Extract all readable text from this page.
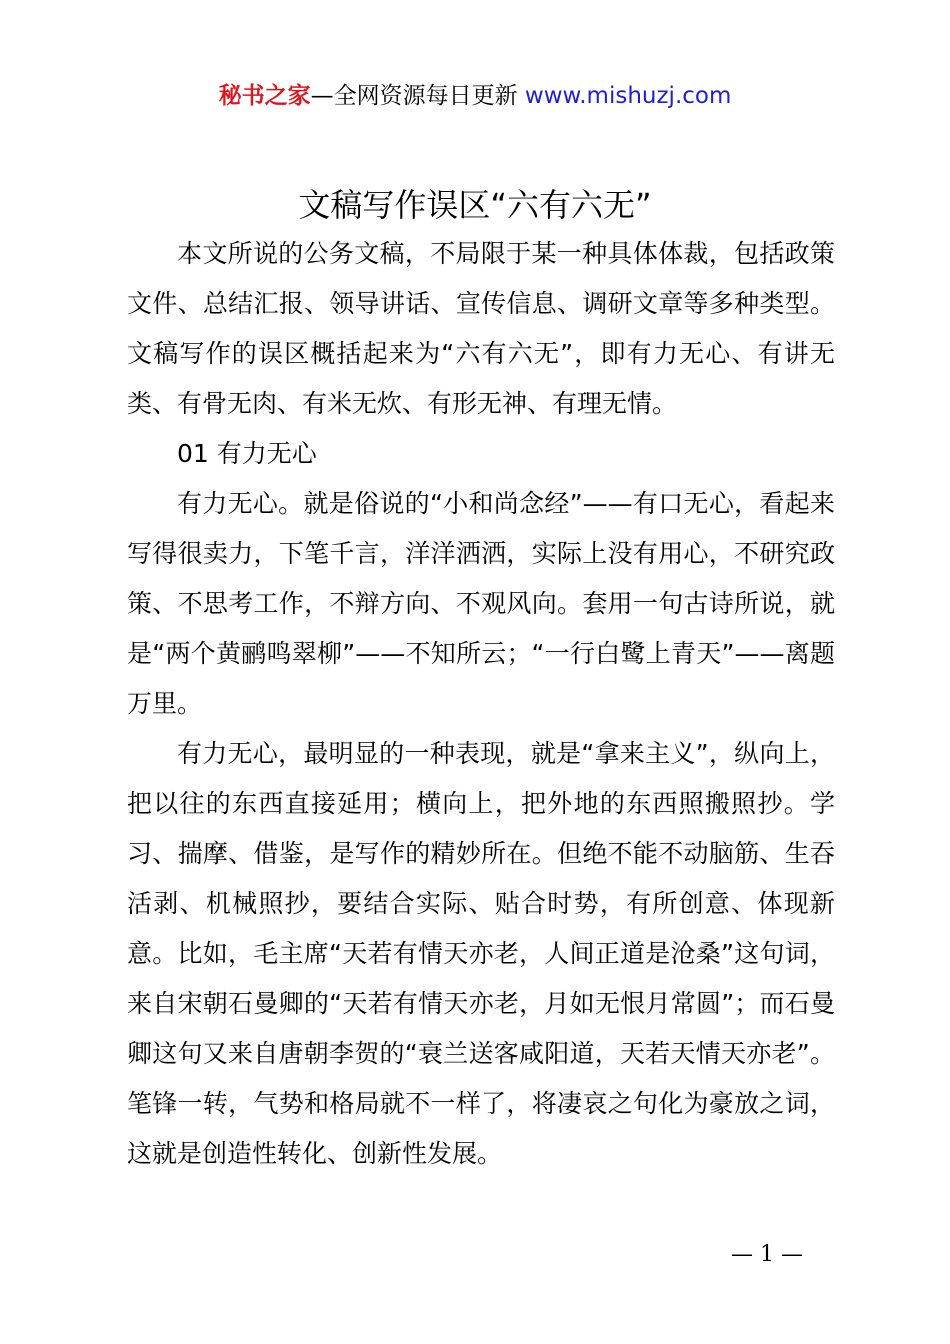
秘书之家—全网资源每日更新 www.mishuzj.com
文稿写作误区“六有六无”

本文所说的公务文稿，不局限于某一种具体体裁，包括政策文件、总结汇报、领导讲话、宣传信息、调研文章等多种类型。文稿写作的误区概括起来为“六有六无”，即有力无心、有讲无类、有骨无肉、有米无炊、有形无神、有理无情。

01 有力无心

有力无心。就是俗说的“小和尚念经”——有口无心，看起来写得很卖力，下笔千言，洋洋洒洒，实际上没有用心，不研究政策、不思考工作，不辩方向、不观风向。套用一句古诗所说，就是“两个黄鹂鸣翠柳”——不知所云；“一行白鹭上青天”——离题万里。

有力无心，最明显的一种表现，就是“拿来主义”，纵向上，把以往的东西直接延用；横向上，把外地的东西照搬照抄。学习、揣摩、借鉴，是写作的精妙所在。但绝不能不动脑筋、生吞活剥、机械照抄，要结合实际、贴合时势，有所创意、体现新意。比如，毛主席“天若有情天亦老，人间正道是沧桑”这句词，来自宋朝石曼卿的“天若有情天亦老，月如无恨月常圆”；而石曼卿这句又来自唐朝李贺的“衰兰送客咸阳道，天若天情天亦老”。笔锋一转，气势和格局就不一样了，将凄哀之句化为豪放之词，这就是创造性转化、创新性发展。

— 1 —
